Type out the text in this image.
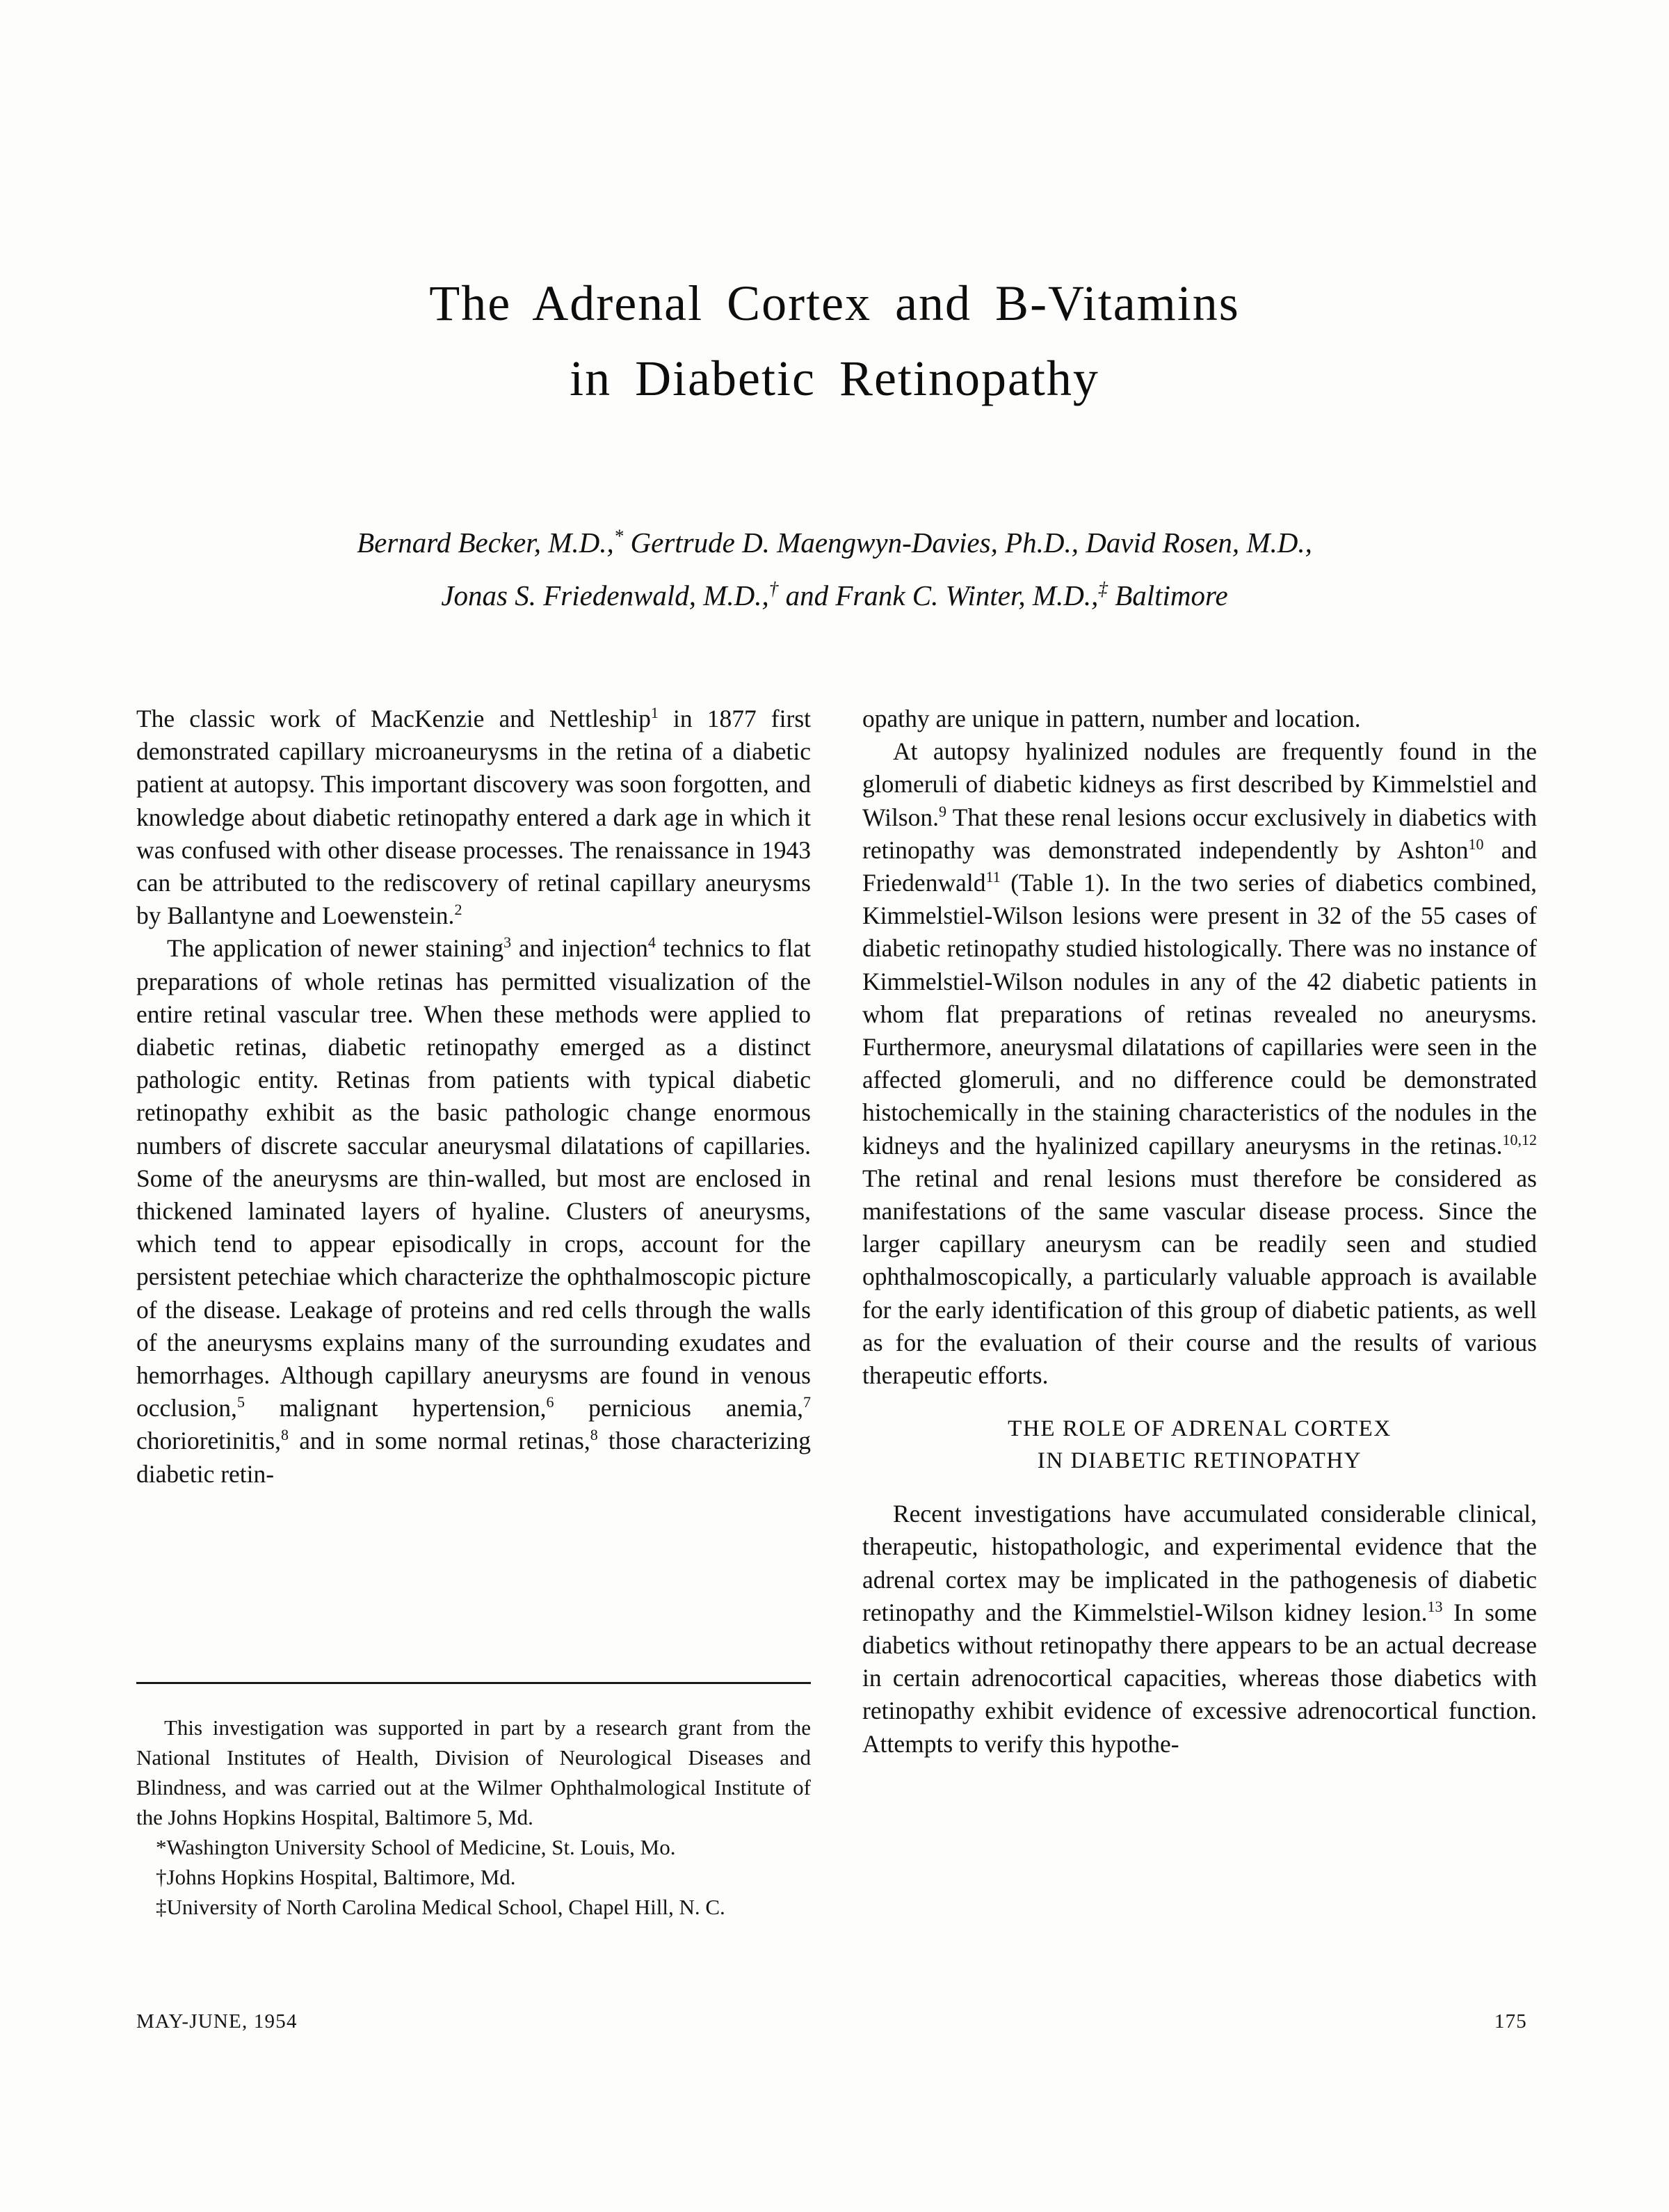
The Adrenal Cortex and B-Vitamins
in Diabetic Retinopathy
Bernard Becker, M.D.,* Gertrude D. Maengwyn-Davies, Ph.D., David Rosen, M.D.,
Jonas S. Friedenwald, M.D.,† and Frank C. Winter, M.D.,‡ Baltimore

The classic work of MacKenzie and Nettleship$^1$ in 1877 first demonstrated capillary microaneurysms in the retina of a diabetic patient at autopsy. This important discovery was soon forgotten, and knowledge about diabetic retinopathy entered a dark age in which it was confused with other disease processes. The renaissance in 1943 can be attributed to the rediscovery of retinal capillary aneurysms by Ballantyne and Loewenstein.$^2$

The application of newer staining$^3$ and injection$^4$ technics to flat preparations of whole retinas has permitted visualization of the entire retinal vascular tree. When these methods were applied to diabetic retinas, diabetic retinopathy emerged as a distinct pathologic entity. Retinas from patients with typical diabetic retinopathy exhibit as the basic pathologic change enormous numbers of discrete saccular aneurysmal dilatations of capillaries. Some of the aneurysms are thin-walled, but most are enclosed in thickened laminated layers of hyaline. Clusters of aneurysms, which tend to appear episodically in crops, account for the persistent petechiae which characterize the ophthalmoscopic picture of the disease. Leakage of proteins and red cells through the walls of the aneurysms explains many of the surrounding exudates and hemorrhages. Although capillary aneurysms are found in venous occlusion,$^5$ malignant hypertension,$^6$ pernicious anemia,$^7$ chorioretinitis,$^8$ and in some normal retinas,$^8$ those characterizing diabetic retin-

This investigation was supported in part by a research grant from the National Institutes of Health, Division of Neurological Diseases and Blindness, and was carried out at the Wilmer Ophthalmological Institute of the Johns Hopkins Hospital, Baltimore 5, Md.

*Washington University School of Medicine, St. Louis, Mo.

†Johns Hopkins Hospital, Baltimore, Md.

‡University of North Carolina Medical School, Chapel Hill, N. C.

opathy are unique in pattern, number and location.

At autopsy hyalinized nodules are frequently found in the glomeruli of diabetic kidneys as first described by Kimmelstiel and Wilson.$^9$ That these renal lesions occur exclusively in diabetics with retinopathy was demonstrated independently by Ashton$^{10}$ and Friedenwald$^{11}$ (Table 1). In the two series of diabetics combined, Kimmelstiel-Wilson lesions were present in 32 of the 55 cases of diabetic retinopathy studied histologically. There was no instance of Kimmelstiel-Wilson nodules in any of the 42 diabetic patients in whom flat preparations of retinas revealed no aneurysms. Furthermore, aneurysmal dilatations of capillaries were seen in the affected glomeruli, and no difference could be demonstrated histochemically in the staining characteristics of the nodules in the kidneys and the hyalinized capillary aneurysms in the retinas.$^{10,12}$ The retinal and renal lesions must therefore be considered as manifestations of the same vascular disease process. Since the larger capillary aneurysm can be readily seen and studied ophthalmoscopically, a particularly valuable approach is available for the early identification of this group of diabetic patients, as well as for the evaluation of their course and the results of various therapeutic efforts.

THE ROLE OF ADRENAL CORTEX
IN DIABETIC RETINOPATHY

Recent investigations have accumulated considerable clinical, therapeutic, histopathologic, and experimental evidence that the adrenal cortex may be implicated in the pathogenesis of diabetic retinopathy and the Kimmelstiel-Wilson kidney lesion.$^{13}$ In some diabetics without retinopathy there appears to be an actual decrease in certain adrenocortical capacities, whereas those diabetics with retinopathy exhibit evidence of excessive adrenocortical function. Attempts to verify this hypothe-

MAY-JUNE, 1954	175
